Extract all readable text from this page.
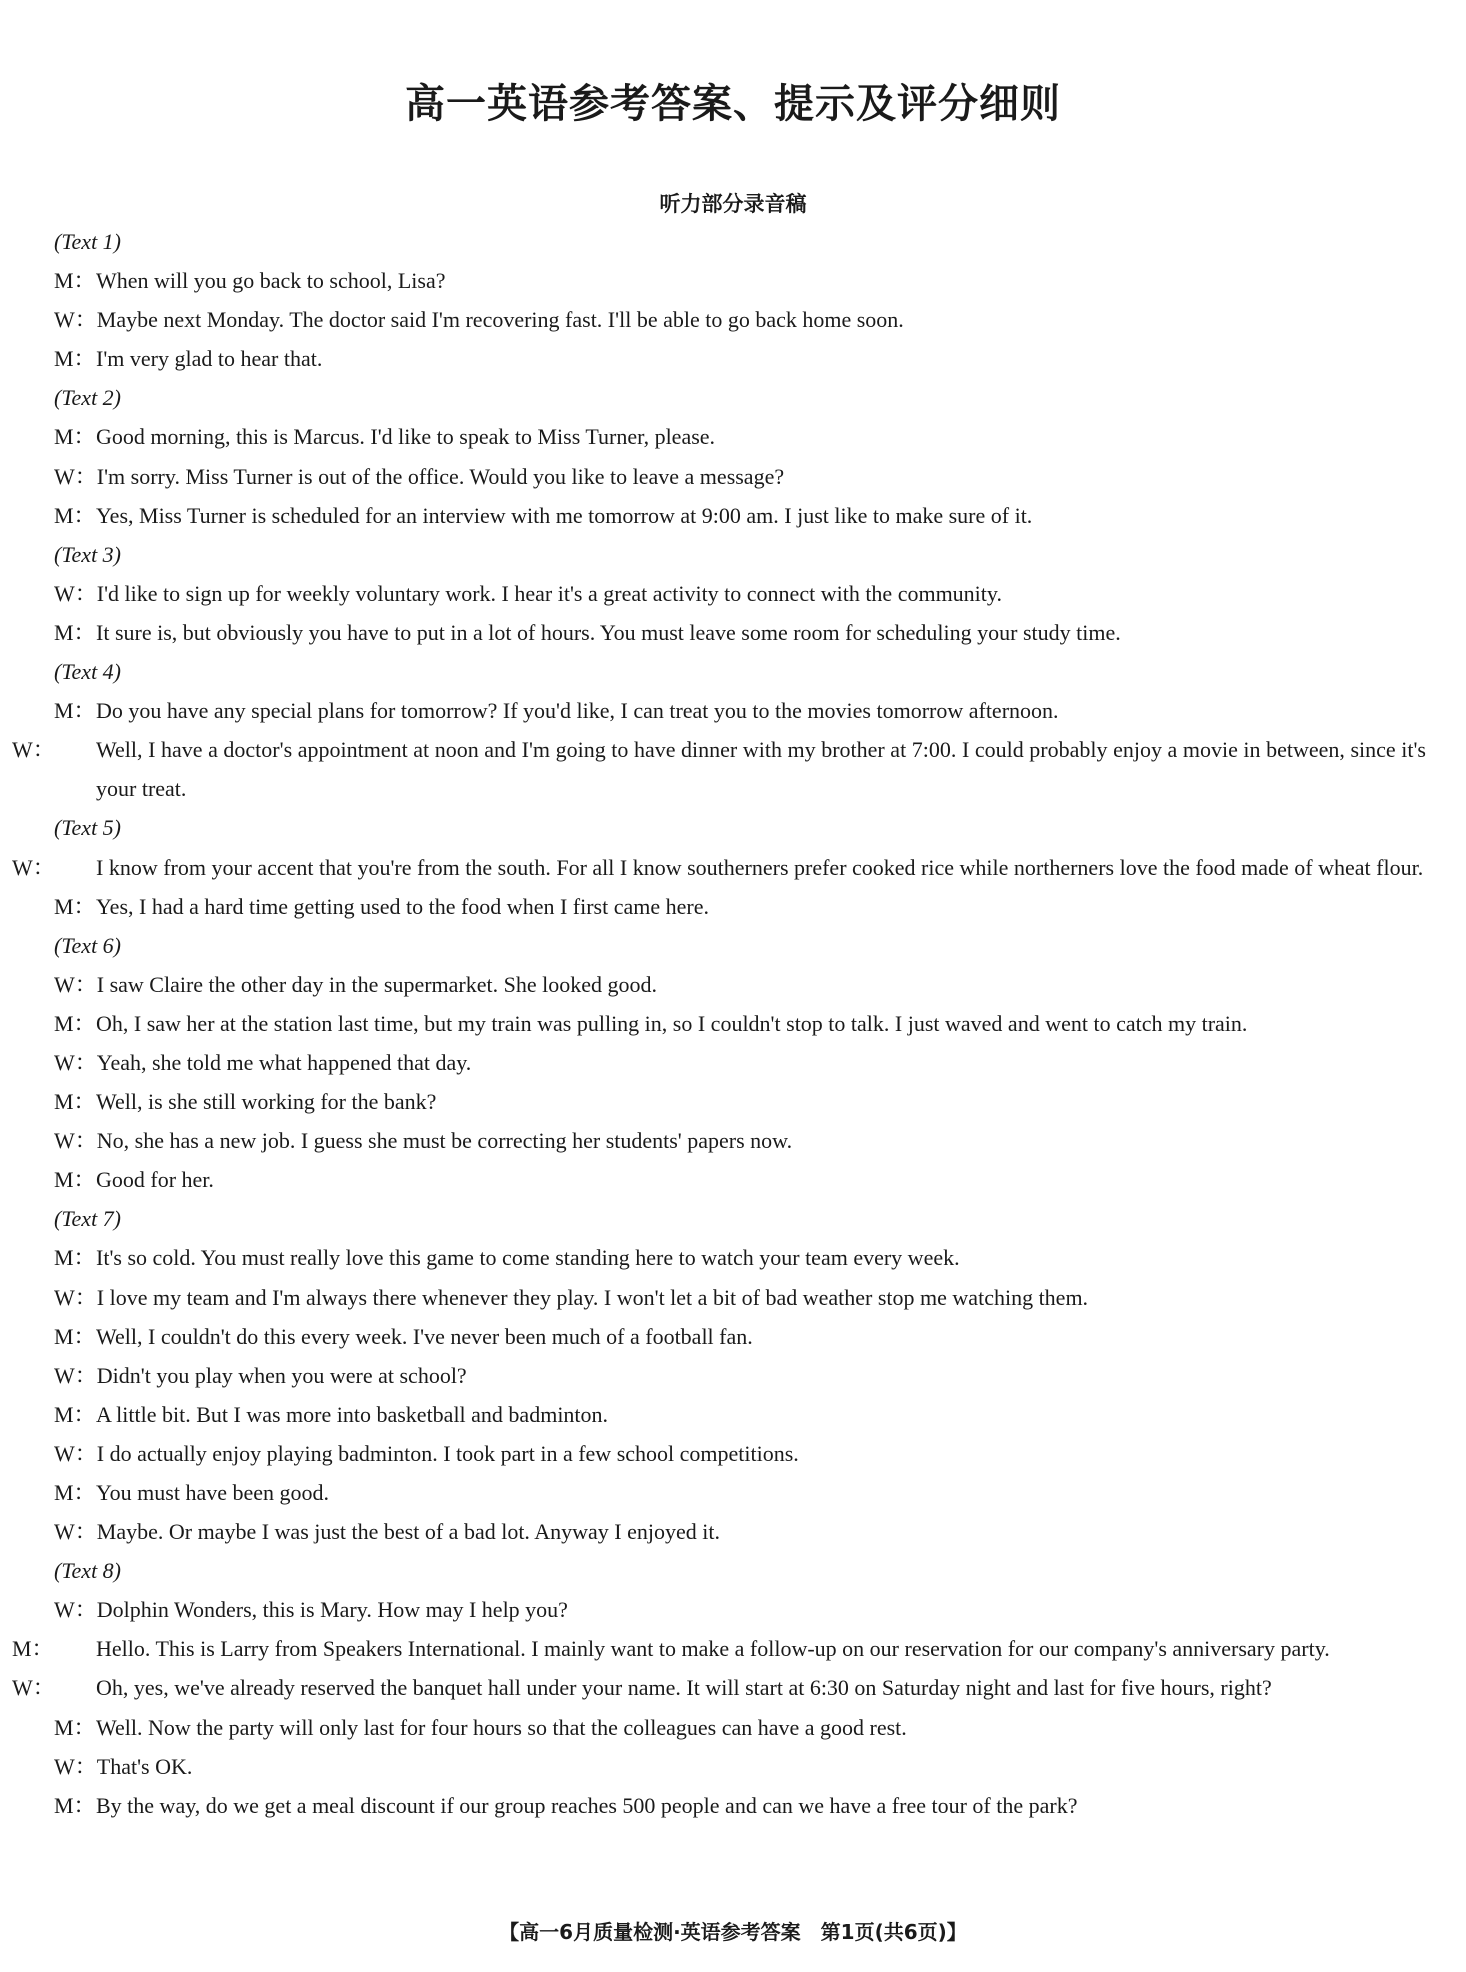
高一英语参考答案、提示及评分细则
听力部分录音稿
(Text 1)
M：When will you go back to school, Lisa?
W：Maybe next Monday. The doctor said I'm recovering fast. I'll be able to go back home soon.
M：I'm very glad to hear that.
(Text 2)
M：Good morning, this is Marcus. I'd like to speak to Miss Turner, please.
W：I'm sorry. Miss Turner is out of the office. Would you like to leave a message?
M：Yes, Miss Turner is scheduled for an interview with me tomorrow at 9:00 am. I just like to make sure of it.
(Text 3)
W：I'd like to sign up for weekly voluntary work. I hear it's a great activity to connect with the community.
M：It sure is, but obviously you have to put in a lot of hours. You must leave some room for scheduling your study time.
(Text 4)
M：Do you have any special plans for tomorrow? If you'd like, I can treat you to the movies tomorrow afternoon.
W： Well, I have a doctor's appointment at noon and I'm going to have dinner with my brother at 7:00. I could probably enjoy a movie in between, since it's your treat.
(Text 5)
W： I know from your accent that you're from the south. For all I know southerners prefer cooked rice while northerners love the food made of wheat flour.
M：Yes, I had a hard time getting used to the food when I first came here.
(Text 6)
W：I saw Claire the other day in the supermarket. She looked good.
M：Oh, I saw her at the station last time, but my train was pulling in, so I couldn't stop to talk. I just waved and went to catch my train.
W：Yeah, she told me what happened that day.
M：Well, is she still working for the bank?
W：No, she has a new job. I guess she must be correcting her students' papers now.
M：Good for her.
(Text 7)
M：It's so cold. You must really love this game to come standing here to watch your team every week.
W：I love my team and I'm always there whenever they play. I won't let a bit of bad weather stop me watching them.
M：Well, I couldn't do this every week. I've never been much of a football fan.
W：Didn't you play when you were at school?
M：A little bit. But I was more into basketball and badminton.
W：I do actually enjoy playing badminton. I took part in a few school competitions.
M：You must have been good.
W：Maybe. Or maybe I was just the best of a bad lot. Anyway I enjoyed it.
(Text 8)
W：Dolphin Wonders, this is Mary. How may I help you?
M： Hello. This is Larry from Speakers International. I mainly want to make a follow-up on our reservation for our company's anniversary party.
W： Oh, yes, we've already reserved the banquet hall under your name. It will start at 6:30 on Saturday night and last for five hours, right?
M：Well. Now the party will only last for four hours so that the colleagues can have a good rest.
W：That's OK.
M：By the way, do we get a meal discount if our group reaches 500 people and can we have a free tour of the park?
【高一6月质量检测·英语参考答案　第1页(共6页)】
